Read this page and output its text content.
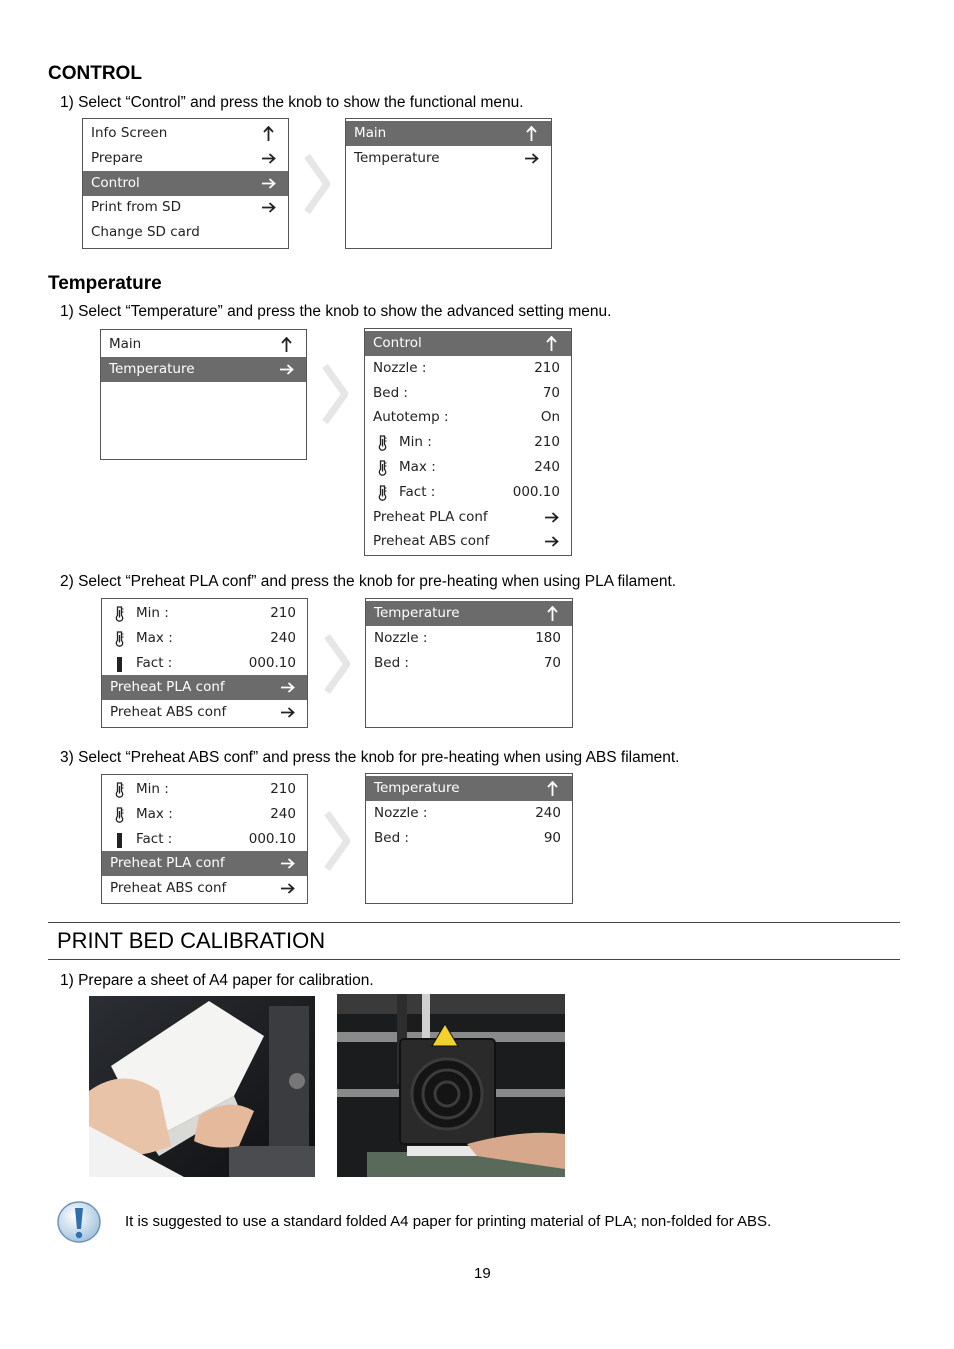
CONTROL
1) Select “Control” and press the knob to show the functional menu.
Info Screen
Prepare
Control
Print from SD
Change SD card
Main
Temperature
Temperature
1) Select “Temperature” and press the knob to show the advanced setting menu.
Main
Temperature
Control
Nozzle :	210
Bed :	70
Autotemp :	On
Min :	210
Max :	240
Fact :	000.10
Preheat PLA conf
Preheat ABS conf
2) Select “Preheat PLA conf” and press the knob for pre-heating when using PLA filament.
Min :	210
Max :	240
Fact :	000.10
Preheat PLA conf
Preheat ABS conf
Temperature
Nozzle :	180
Bed :	70
3) Select “Preheat ABS conf” and press the knob for pre-heating when using ABS filament.
Min :	210
Max :	240
Fact :	000.10
Preheat PLA conf
Preheat ABS conf
Temperature
Nozzle :	240
Bed :	90
PRINT BED CALIBRATION
1) Prepare a sheet of A4 paper for calibration.
It is suggested to use a standard folded A4 paper for printing material of PLA; non-folded for ABS.
19
